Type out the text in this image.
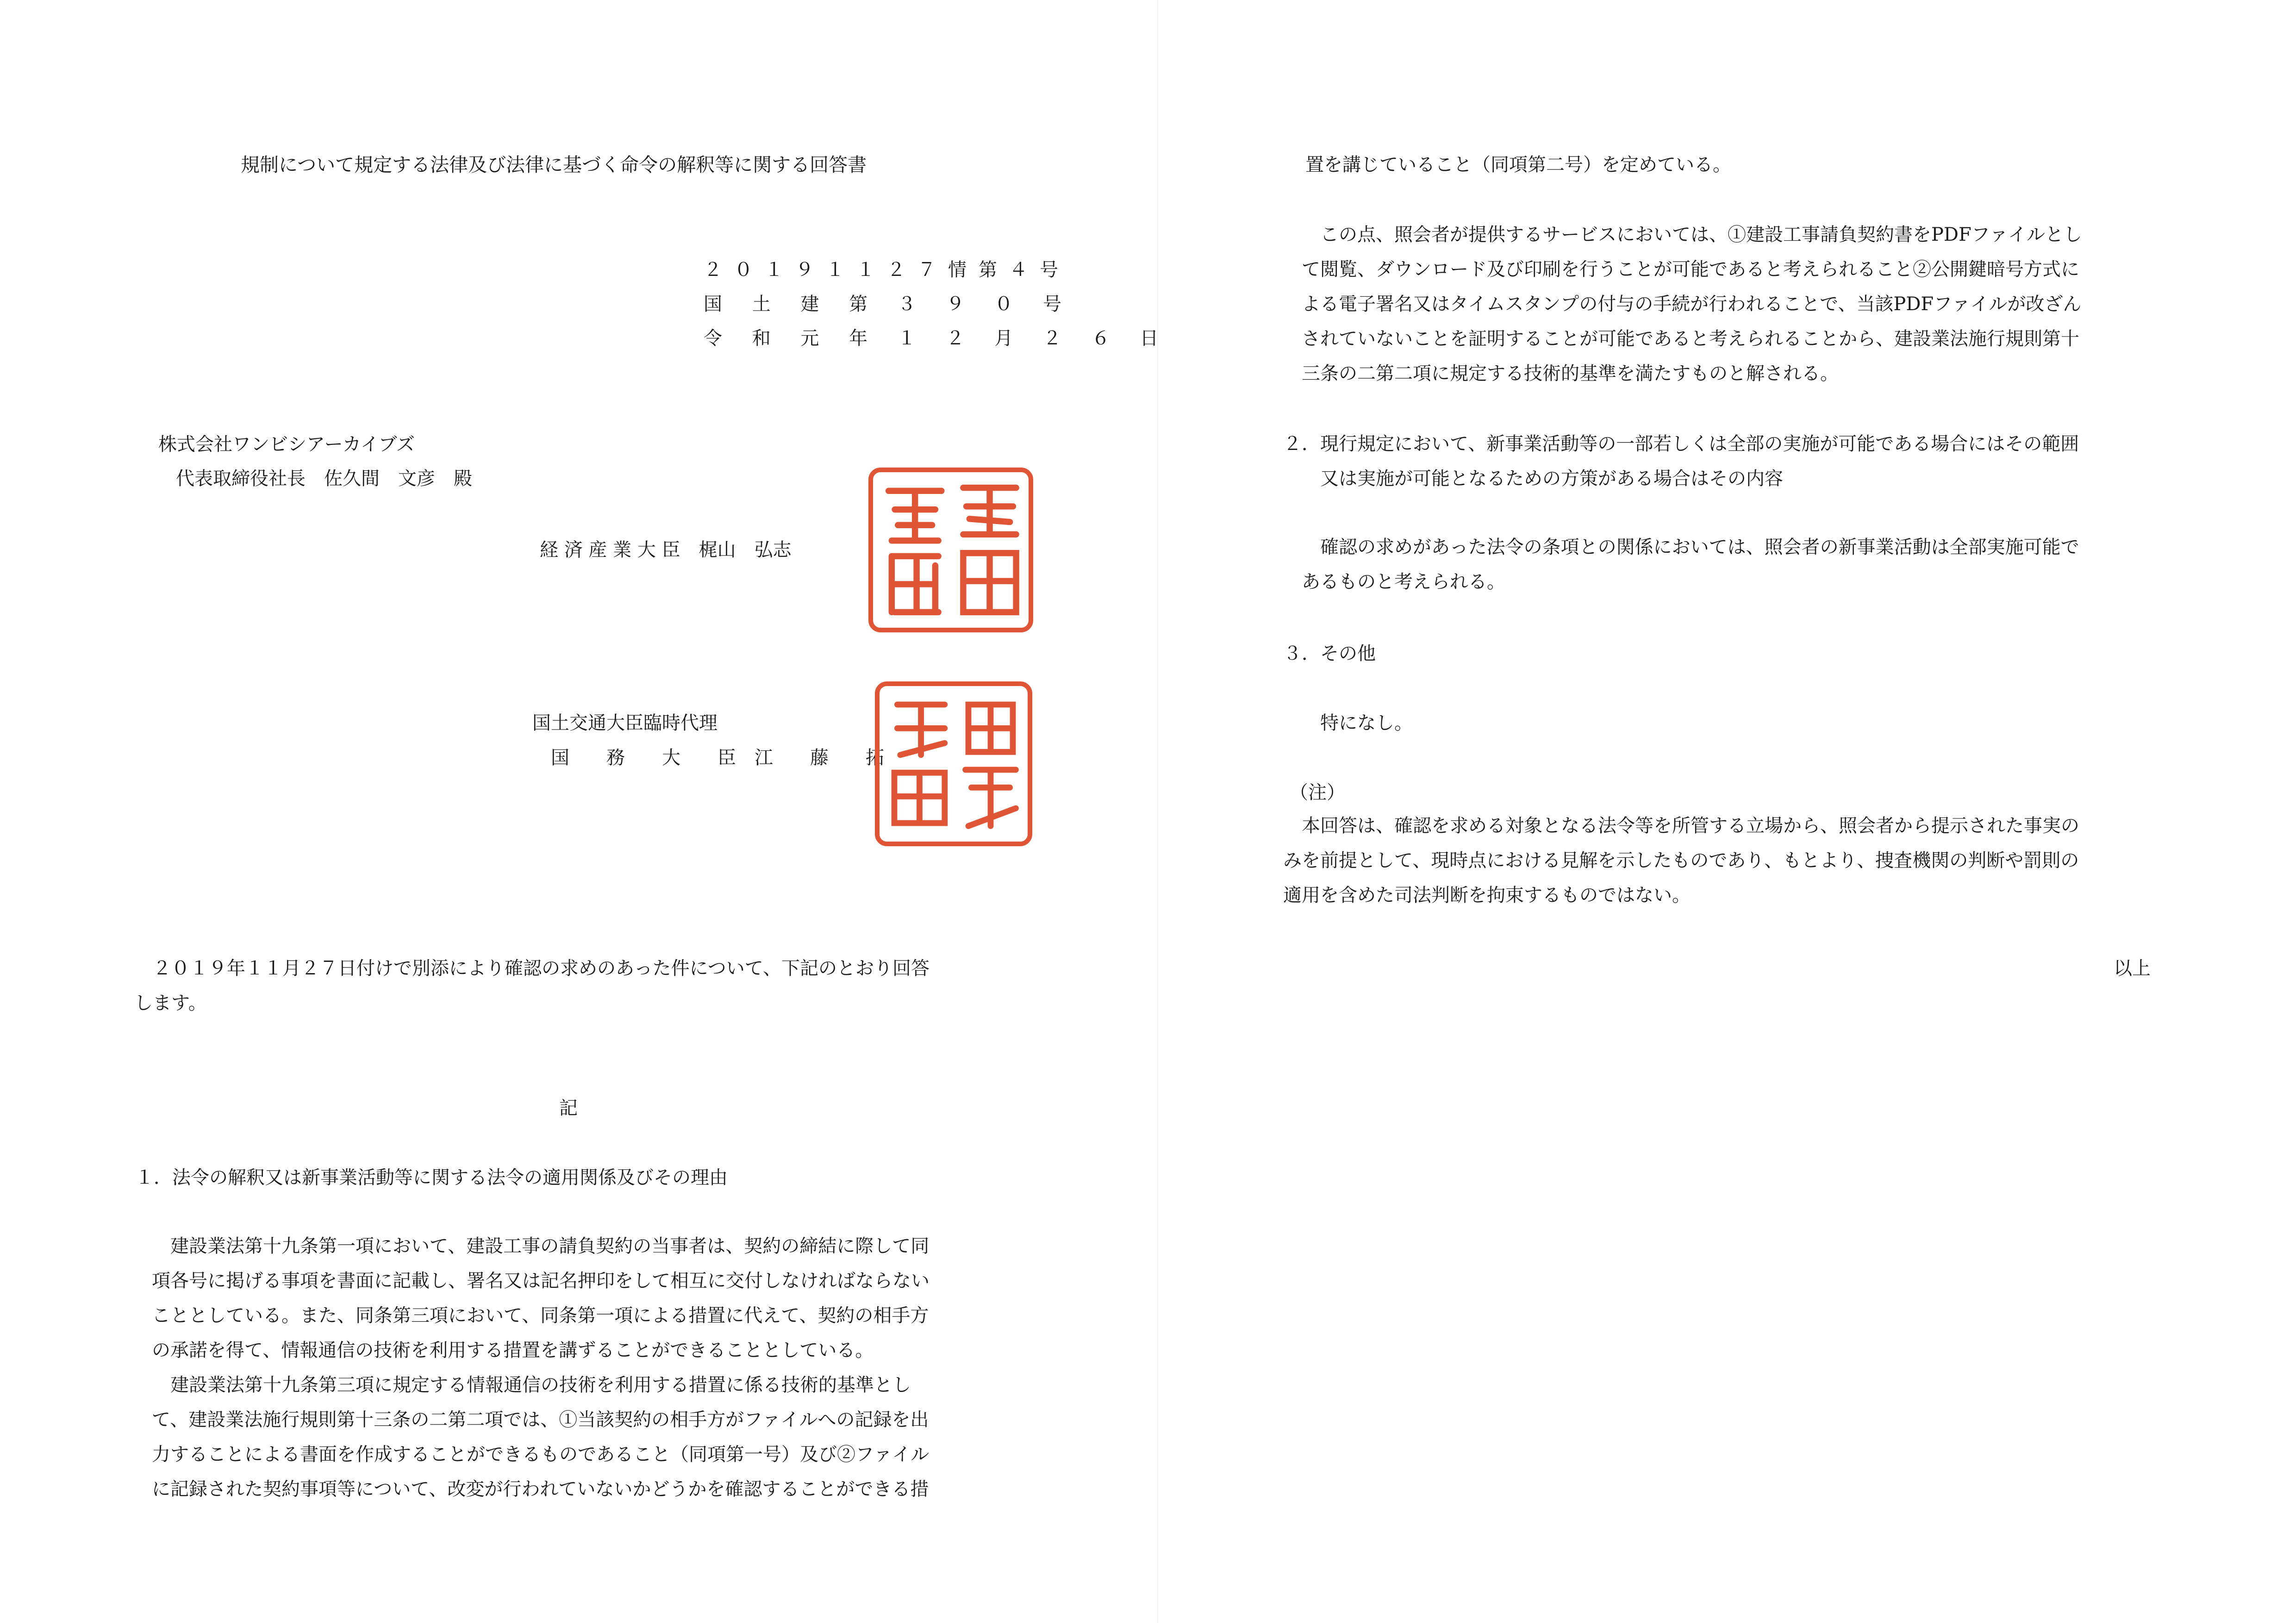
規制について規定する法律及び法律に基づく命令の解釈等に関する回答書
２０１９１１２７情第４号
国 土 建 第 ３ ９ ０ 号
令 和 元 年 １ ２ 月 ２ ６ 日
株式会社ワンビシアーカイブズ
代表取締役社長　佐久間　文彦　殿
経 済 産 業 大 臣　梶山　弘志
国土交通大臣臨時代理
国　　務　　大　　臣　江　　藤　　拓
　２０１９年１１月２７日付けで別添により確認の求めのあった件について、下記のとおり回答
します。
記
１．法令の解釈又は新事業活動等に関する法令の適用関係及びその理由
　建設業法第十九条第一項において、建設工事の請負契約の当事者は、契約の締結に際して同
項各号に掲げる事項を書面に記載し、署名又は記名押印をして相互に交付しなければならない
こととしている。また、同条第三項において、同条第一項による措置に代えて、契約の相手方
の承諾を得て、情報通信の技術を利用する措置を講ずることができることとしている。
　建設業法第十九条第三項に規定する情報通信の技術を利用する措置に係る技術的基準とし
て、建設業法施行規則第十三条の二第二項では、①当該契約の相手方がファイルへの記録を出
力することによる書面を作成することができるものであること（同項第一号）及び②ファイル
に記録された契約事項等について、改変が行われていないかどうかを確認することができる措
置を講じていること（同項第二号）を定めている。
　この点、照会者が提供するサービスにおいては、①建設工事請負契約書をPDFファイルとし
て閲覧、ダウンロード及び印刷を行うことが可能であると考えられること②公開鍵暗号方式に
よる電子署名又はタイムスタンプの付与の手続が行われることで、当該PDFファイルが改ざん
されていないことを証明することが可能であると考えられることから、建設業法施行規則第十
三条の二第二項に規定する技術的基準を満たすものと解される。
２．現行規定において、新事業活動等の一部若しくは全部の実施が可能である場合にはその範囲
　　又は実施が可能となるための方策がある場合はその内容
　確認の求めがあった法令の条項との関係においては、照会者の新事業活動は全部実施可能で
あるものと考えられる。
３．その他
特になし。
（注）
　本回答は、確認を求める対象となる法令等を所管する立場から、照会者から提示された事実の
みを前提として、現時点における見解を示したものであり、もとより、捜査機関の判断や罰則の
適用を含めた司法判断を拘束するものではない。
以上
